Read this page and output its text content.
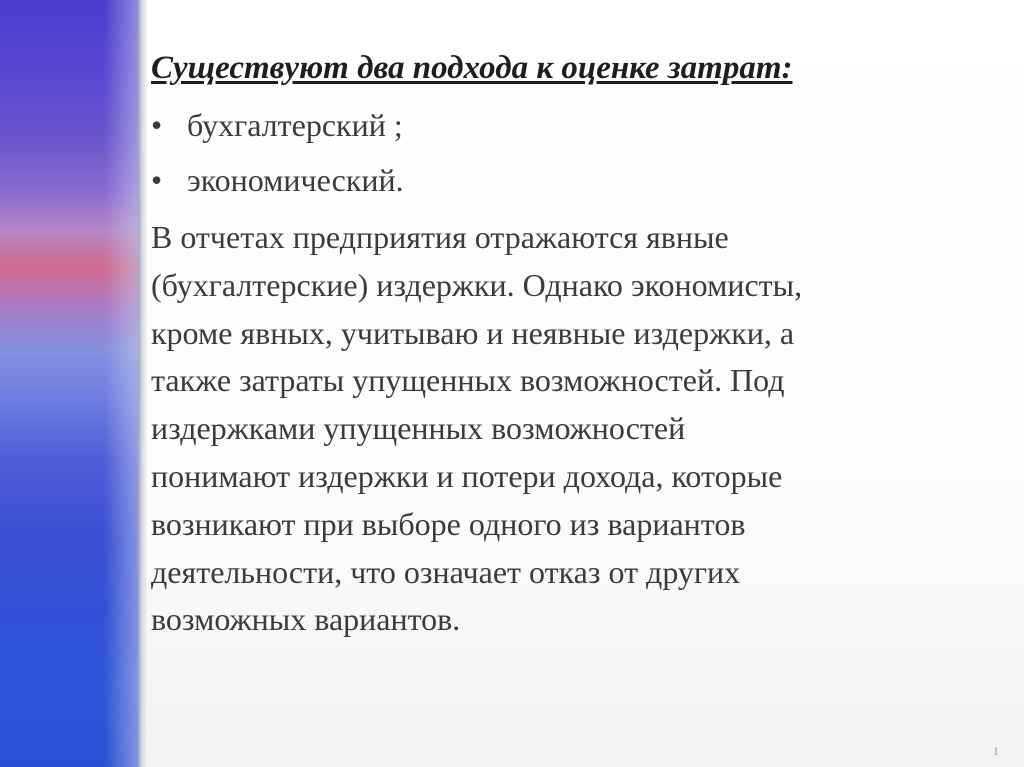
Существуют два подхода к оценке затрат:
• бухгалтерский ;
• экономический.

В отчетах предприятия отражаются явные
(бухгалтерские) издержки. Однако экономисты,
кроме явных, учитываю и неявные издержки, а
также затраты упущенных возможностей. Под
издержками упущенных возможностей
понимают издержки и потери дохода, которые
возникают при выборе одного из вариантов
деятельности, что означает отказ от других
возможных вариантов.

1
